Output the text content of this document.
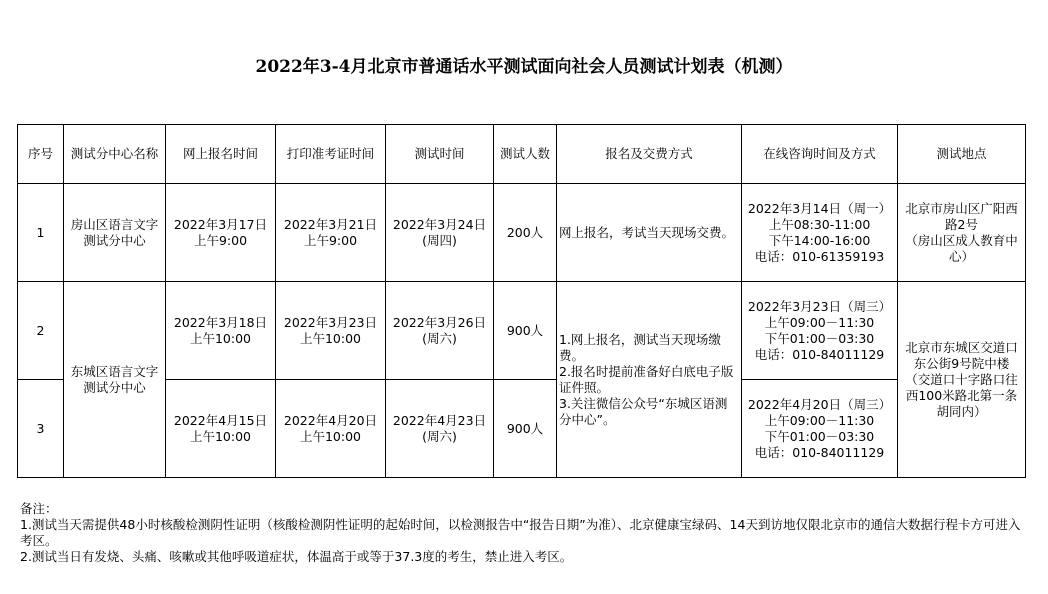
2022年3-4月北京市普通话水平测试面向社会人员测试计划表（机测）
序号	测试分中心名称	网上报名时间	打印准考证时间	测试时间	测试人数	报名及交费方式	在线咨询时间及方式	测试地点
1	房山区语言文字测试分中心	2022年3月17日
上午9:00	2022年3月21日
上午9:00	2022年3月24日
(周四)	200人	网上报名，考试当天现场交费。	2022年3月14日（周一）
上午08:30-11:00
下午14:00-16:00
电话：010-61359193	北京市房山区广阳西路2号
（房山区成人教育中心）

2	东城区语言文字测试分中心	2022年3月18日
上午10:00	2022年3月23日
上午10:00	2022年3月26日
(周六)	900人	1.网上报名，测试当天现场缴费。
2.报名时提前准备好白底电子版证件照。
3.关注微信公众号“东城区语测分中心”。	2022年3月23日（周三）
上午09:00－11:30
下午01:00－03:30
电话：010-84011129	北京市东城区交道口东公街9号院中楼
（交道口十字路口往西100米路北第一条胡同内）

3		2022年4月15日
上午10:00	2022年4月20日
上午10:00	2022年4月23日
(周六)	900人		2022年4月20日（周三）
上午09:00－11:30
下午01:00－03:30
电话：010-84011129	
备注：
1.测试当天需提供48小时核酸检测阴性证明（核酸检测阴性证明的起始时间，以检测报告中“报告日期”为准）、北京健康宝绿码、14天到访地仅限北京市的通信大数据行程卡方可进入考区。
2.测试当日有发烧、头痛、咳嗽或其他呼吸道症状，体温高于或等于37.3度的考生，禁止进入考区。
